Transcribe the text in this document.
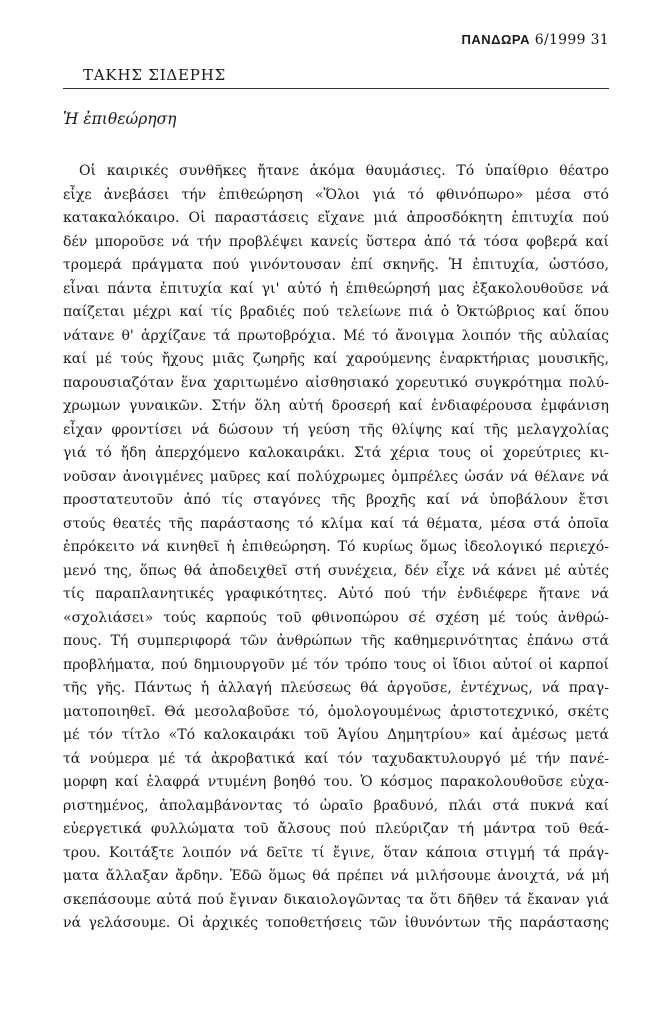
ΠΑΝΔΩΡΑ 6/1999 31
ΤΑΚΗΣ ΣΙΔΕΡΗΣ
Ἡ ἐπιθεώρηση
Οἱ καιρικές συνθῆκες ἤτανε ἀκόμα θαυμάσιες. Τό ὑπαίθριο θέατρο
εἶχε ἀνεβάσει τήν ἐπιθεώρηση «Ὅλοι γιά τό φθινόπωρο» μέσα στό
κατακαλόκαιρο. Οἱ παραστάσεις εἴχανε μιά ἀπροσδόκητη ἐπιτυχία πού
δέν μποροῦσε νά τήν προβλέψει κανείς ὕστερα ἀπό τά τόσα φοβερά καί
τρομερά πράγματα πού γινόντουσαν ἐπί σκηνῆς. Ἡ ἐπιτυχία, ὡστόσο,
εἶναι πάντα ἐπιτυχία καί γι' αὐτό ἡ ἐπιθεώρησή μας ἐξακολουθοῦσε νά
παίζεται μέχρι καί τίς βραδιές πού τελείωνε πιά ὁ Ὀκτώβριος καί ὅπου
νάτανε θ' ἀρχίζανε τά πρωτοβρόχια. Μέ τό ἄνοιγμα λοιπόν τῆς αὐλαίας
καί μέ τούς ἤχους μιᾶς ζωηρῆς καί χαρούμενης ἐναρκτήριας μουσικῆς,
παρουσιαζόταν ἕνα χαριτωμένο αἰσθησιακό χορευτικό συγκρότημα πολύ-
χρωμων γυναικῶν. Στήν ὅλη αὐτή δροσερή καί ἐνδιαφέρουσα ἐμφάνιση
εἶχαν φροντίσει νά δώσουν τή γεύση τῆς θλίψης καί τῆς μελαγχολίας
γιά τό ἤδη ἀπερχόμενο καλοκαιράκι. Στά χέρια τους οἱ χορεύτριες κι-
νοῦσαν ἀνοιγμένες μαῦρες καί πολύχρωμες ὀμπρέλες ὡσάν νά θέλανε νά
προστατευτοῦν ἀπό τίς σταγόνες τῆς βροχῆς καί νά ὑποβάλουν ἔτσι
στούς θεατές τῆς παράστασης τό κλίμα καί τά θέματα, μέσα στά ὁποῖα
ἐπρόκειτο νά κινηθεῖ ἡ ἐπιθεώρηση. Τό κυρίως ὅμως ἰδεολογικό περιεχό-
μενό της, ὅπως θά ἀποδειχθεῖ στή συνέχεια, δέν εἶχε νά κάνει μέ αὐτές
τίς παραπλανητικές γραφικότητες. Αὐτό πού τήν ἐνδιέφερε ἤτανε νά
«σχολιάσει» τούς καρπούς τοῦ φθινοπώρου σέ σχέση μέ τούς ἀνθρώ-
πους. Τή συμπεριφορά τῶν ἀνθρώπων τῆς καθημερινότητας ἐπάνω στά
προβλήματα, πού δημιουργοῦν μέ τόν τρόπο τους οἱ ἴδιοι αὐτοί οἱ καρποί
τῆς γῆς. Πάντως ἡ ἀλλαγή πλεύσεως θά ἀργοῦσε, ἐντέχνως, νά πραγ-
ματοποιηθεῖ. Θά μεσολαβοῦσε τό, ὁμολογουμένως ἀριστοτεχνικό, σκέτς
μέ τόν τίτλο «Τό καλοκαιράκι τοῦ Ἁγίου Δημητρίου» καί ἀμέσως μετά
τά νούμερα μέ τά ἀκροβατικά καί τόν ταχυδακτυλουργό μέ τήν πανέ-
μορφη καί ἐλαφρά ντυμένη βοηθό του. Ὁ κόσμος παρακολουθοῦσε εὐχα-
ριστημένος, ἀπολαμβάνοντας τό ὡραῖο βραδυνό, πλάι στά πυκνά καί
εὐεργετικά φυλλώματα τοῦ ἄλσους πού πλεύριζαν τή μάντρα τοῦ θεά-
τρου. Κοιτάξτε λοιπόν νά δεῖτε τί ἔγινε, ὅταν κάποια στιγμή τά πράγ-
ματα ἄλλαξαν ἄρδην. Ἐδῶ ὅμως θά πρέπει νά μιλήσουμε ἀνοιχτά, νά μή
σκεπάσουμε αὐτά πού ἔγιναν δικαιολογῶντας τα ὅτι δῆθεν τά ἔκαναν γιά
νά γελάσουμε. Οἱ ἀρχικές τοποθετήσεις τῶν ἰθυνόντων τῆς παράστασης
